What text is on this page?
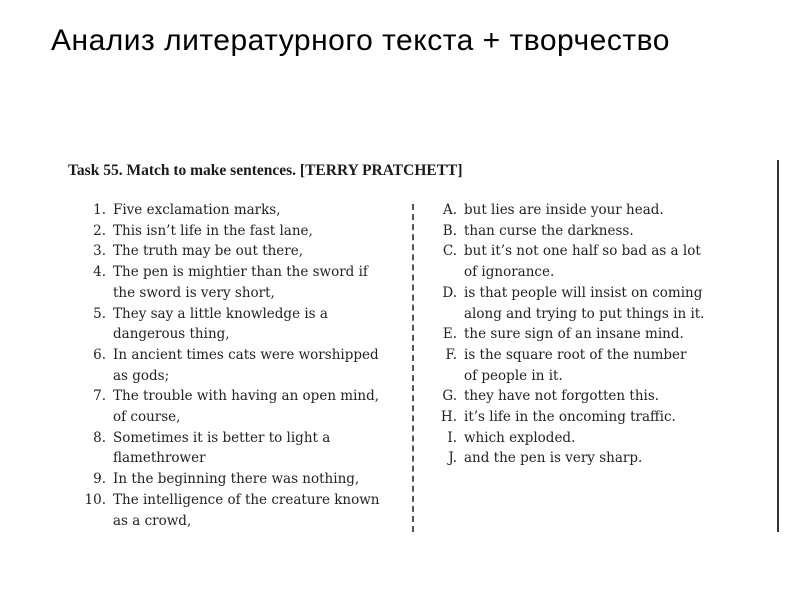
Анализ литературного текста + творчество
Task 55. Match to make sentences. [TERRY PRATCHETT]
1. Five exclamation marks,
2. This isn’t life in the fast lane,
3. The truth may be out there,
4. The pen is mightier than the sword if
the sword is very short,
5. They say a little knowledge is a
dangerous thing,
6. In ancient times cats were worshipped
as gods;
7. The trouble with having an open mind,
of course,
8. Sometimes it is better to light a
flamethrower
9. In the beginning there was nothing,
10. The intelligence of the creature known
as a crowd,
A. but lies are inside your head.
B. than curse the darkness.
C. but it’s not one half so bad as a lot
of ignorance.
D. is that people will insist on coming
along and trying to put things in it.
E. the sure sign of an insane mind.
F. is the square root of the number
of people in it.
G. they have not forgotten this.
H. it’s life in the oncoming traffic.
I. which exploded.
J. and the pen is very sharp.
